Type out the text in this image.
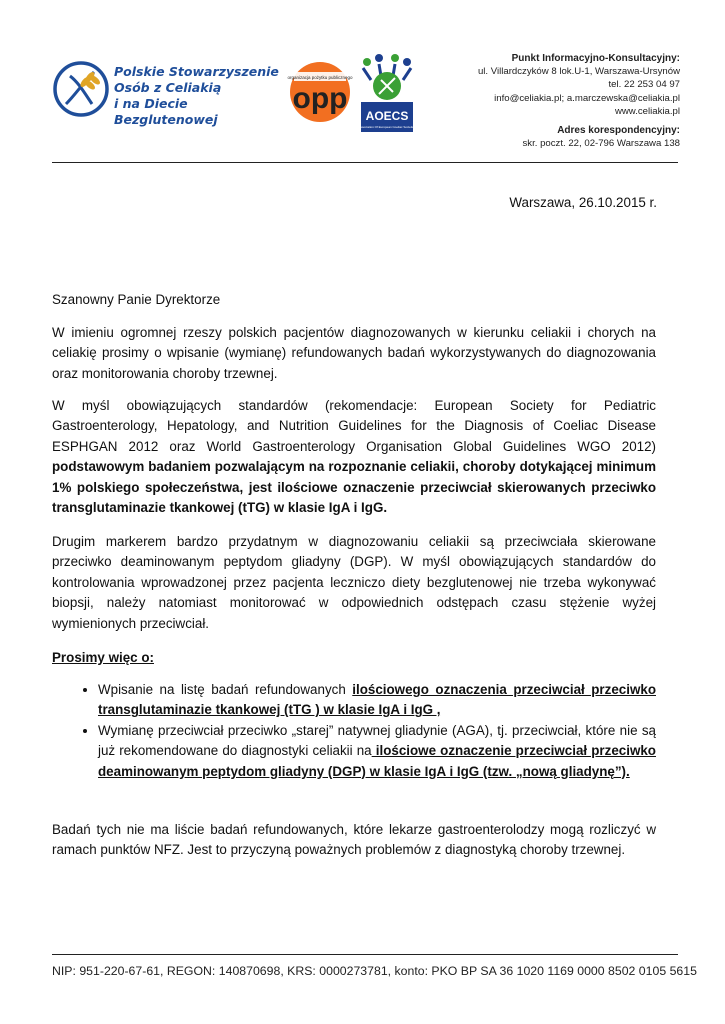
Polskie Stowarzyszenie
Osób z Celiakią
i na Diecie Bezglutenowej
organizacja pożytku publicznego
opp
AOECS
Association Of European Coeliac Societies
Punkt Informacyjno-Konsultacyjny:
ul. Villardczyków 8 lok.U-1, Warszawa-Ursynów
tel. 22 253 04 97
info@celiakia.pl; a.marczewska@celiakia.pl
www.celiakia.pl
Adres korespondencyjny:
skr. poczt. 22, 02-796 Warszawa 138
Warszawa, 26.10.2015 r.
Szanowny Panie Dyrektorze
W imieniu ogromnej rzeszy polskich pacjentów diagnozowanych w kierunku celiakii i chorych na celiakię prosimy o wpisanie (wymianę) refundowanych badań wykorzystywanych do diagnozowania oraz monitorowania choroby trzewnej.
W myśl obowiązujących standardów (rekomendacje: European Society for Pediatric Gastroenterology, Hepatology, and Nutrition Guidelines for the Diagnosis of Coeliac Disease ESPHGAN 2012 oraz World Gastroenterology Organisation Global Guidelines WGO 2012) podstawowym badaniem pozwalającym na rozpoznanie celiakii, choroby dotykającej minimum 1% polskiego społeczeństwa, jest ilościowe oznaczenie przeciwciał skierowanych przeciwko transglutaminazie tkankowej (tTG) w klasie IgA i IgG.
Drugim markerem bardzo przydatnym w diagnozowaniu celiakii są przeciwciała skierowane przeciwko deaminowanym peptydom gliadyny (DGP). W myśl obowiązujących standardów do kontrolowania wprowadzonej przez pacjenta leczniczo diety bezglutenowej nie trzeba wykonywać biopsji, należy natomiast monitorować w odpowiednich odstępach czasu stężenie wyżej wymienionych przeciwciał.
Prosimy więc o:
• Wpisanie na listę badań refundowanych ilościowego oznaczenia przeciwciał przeciwko transglutaminazie tkankowej (tTG ) w klasie IgA i IgG ,
• Wymianę przeciwciał przeciwko „starej” natywnej gliadynie (AGA), tj. przeciwciał, które nie są już rekomendowane do diagnostyki celiakii na ilościowe oznaczenie przeciwciał przeciwko deaminowanym peptydom gliadyny (DGP) w klasie IgA i IgG (tzw. „nową gliadynę”).
Badań tych nie ma liście badań refundowanych, które lekarze gastroenterolodzy mogą rozliczyć w ramach punktów NFZ. Jest to przyczyną poważnych problemów z diagnostyką choroby trzewnej.
NIP: 951-220-67-61, REGON: 140870698, KRS: 0000273781, konto: PKO BP SA 36 1020 1169 0000 8502 0105 5615
